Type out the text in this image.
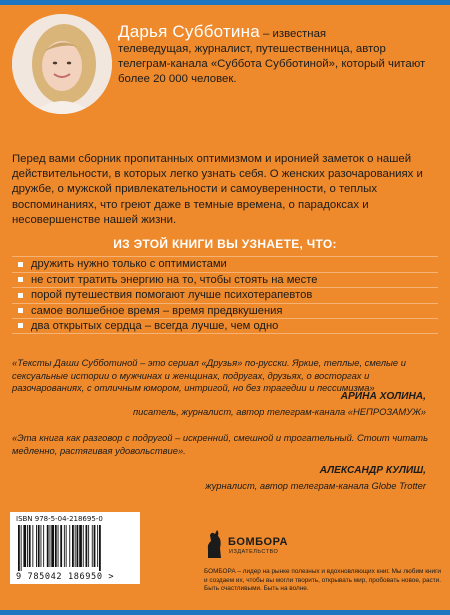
Дарья Субботина – известная
телеведущая, журналист, путешественница, автор телеграм-канала «Суббота Субботиной», который читают более 20 000 человек.

Перед вами сборник пропитанных оптимизмом и иронией заметок о нашей действительности, в которых легко узнать себя. О женских разочарованиях и дружбе, о мужской привлекательности и самоуверенности, о теплых воспоминаниях, что греют даже в темные времена, о парадоксах и несовершенстве нашей жизни.

ИЗ ЭТОЙ КНИГИ ВЫ УЗНАЕТЕ, ЧТО:
дружить нужно только с оптимистами
не стоит тратить энергию на то, чтобы стоять на месте
порой путешествия помогают лучше психотерапевтов
самое волшебное время – время предвкушения
два открытых сердца – всегда лучше, чем одно

«Тексты Даши Субботиной – это сериал «Друзья» по-русски. Яркие, теплые, смелые и сексуальные истории о мужчинах и женщинах, подругах, друзьях, о восторгах и разочарованиях, с отличным юмором, интригой, но без трагедии и пессимизма»

АРИНА ХОЛИНА,
писатель, журналист, автор телеграм-канала «НЕПРОЗАМУЖ»

«Эта книга как разговор с подругой – искренний, смешной и трогательный. Стоит читать медленно, растягивая удовольствие».

АЛЕКСАНДР КУЛИШ,
журналист, автор телеграм-канала Globe Trotter
ISBN 978-5-04-218695-0
9 785042 186950 >
БОМБОРА
ИЗДАТЕЛЬСТВО

БОМБОРА – лидер на рынке полезных и вдохновляющих книг. Мы любим книги и создаем их, чтобы вы могли творить, открывать мир, пробовать новое, расти. Быть счастливыми. Быть на волне.
